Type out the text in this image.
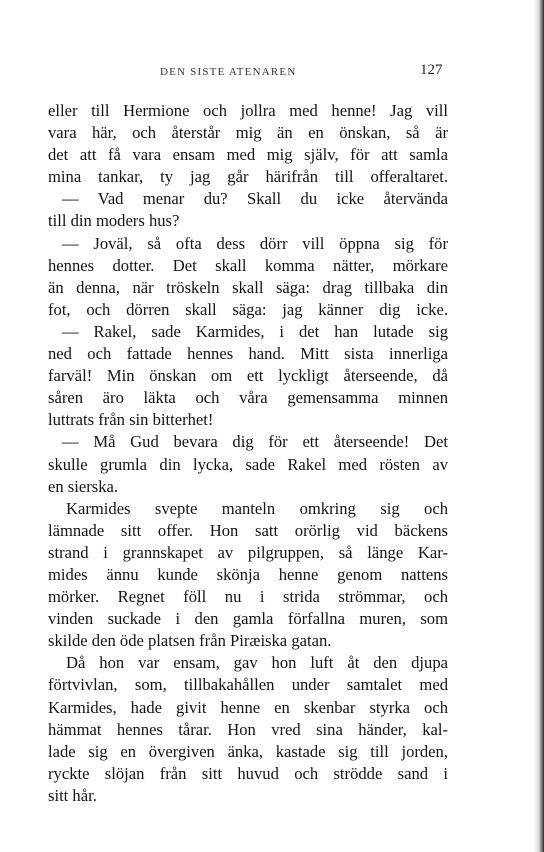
DEN SISTE ATENAREN	127
eller till Hermione och jollra med henne! Jag vill
vara här, och återstår mig än en önskan, så är
det att få vara ensam med mig själv, för att samla
mina tankar, ty jag går härifrån till offeraltaret.
— Vad menar du? Skall du icke återvända
till din moders hus?
— Joväl, så ofta dess dörr vill öppna sig för
hennes dotter. Det skall komma nätter, mörkare
än denna, när tröskeln skall säga: drag tillbaka din
fot, och dörren skall säga: jag känner dig icke.
— Rakel, sade Karmides, i det han lutade sig
ned och fattade hennes hand. Mitt sista innerliga
farväl! Min önskan om ett lyckligt återseende, då
såren äro läkta och våra gemensamma minnen
luttrats från sin bitterhet!
— Må Gud bevara dig för ett återseende! Det
skulle grumla din lycka, sade Rakel med rösten av
en sierska.
Karmides svepte manteln omkring sig och
lämnade sitt offer. Hon satt orörlig vid bäckens
strand i grannskapet av pilgruppen, så länge Kar-
mides ännu kunde skönja henne genom nattens
mörker. Regnet föll nu i strida strömmar, och
vinden suckade i den gamla förfallna muren, som
skilde den öde platsen från Piræiska gatan.
Då hon var ensam, gav hon luft åt den djupa
förtvivlan, som, tillbakahållen under samtalet med
Karmides, hade givit henne en skenbar styrka och
hämmat hennes tårar. Hon vred sina händer, kal-
lade sig en övergiven änka, kastade sig till jorden,
ryckte slöjan från sitt huvud och strödde sand i
sitt hår.
